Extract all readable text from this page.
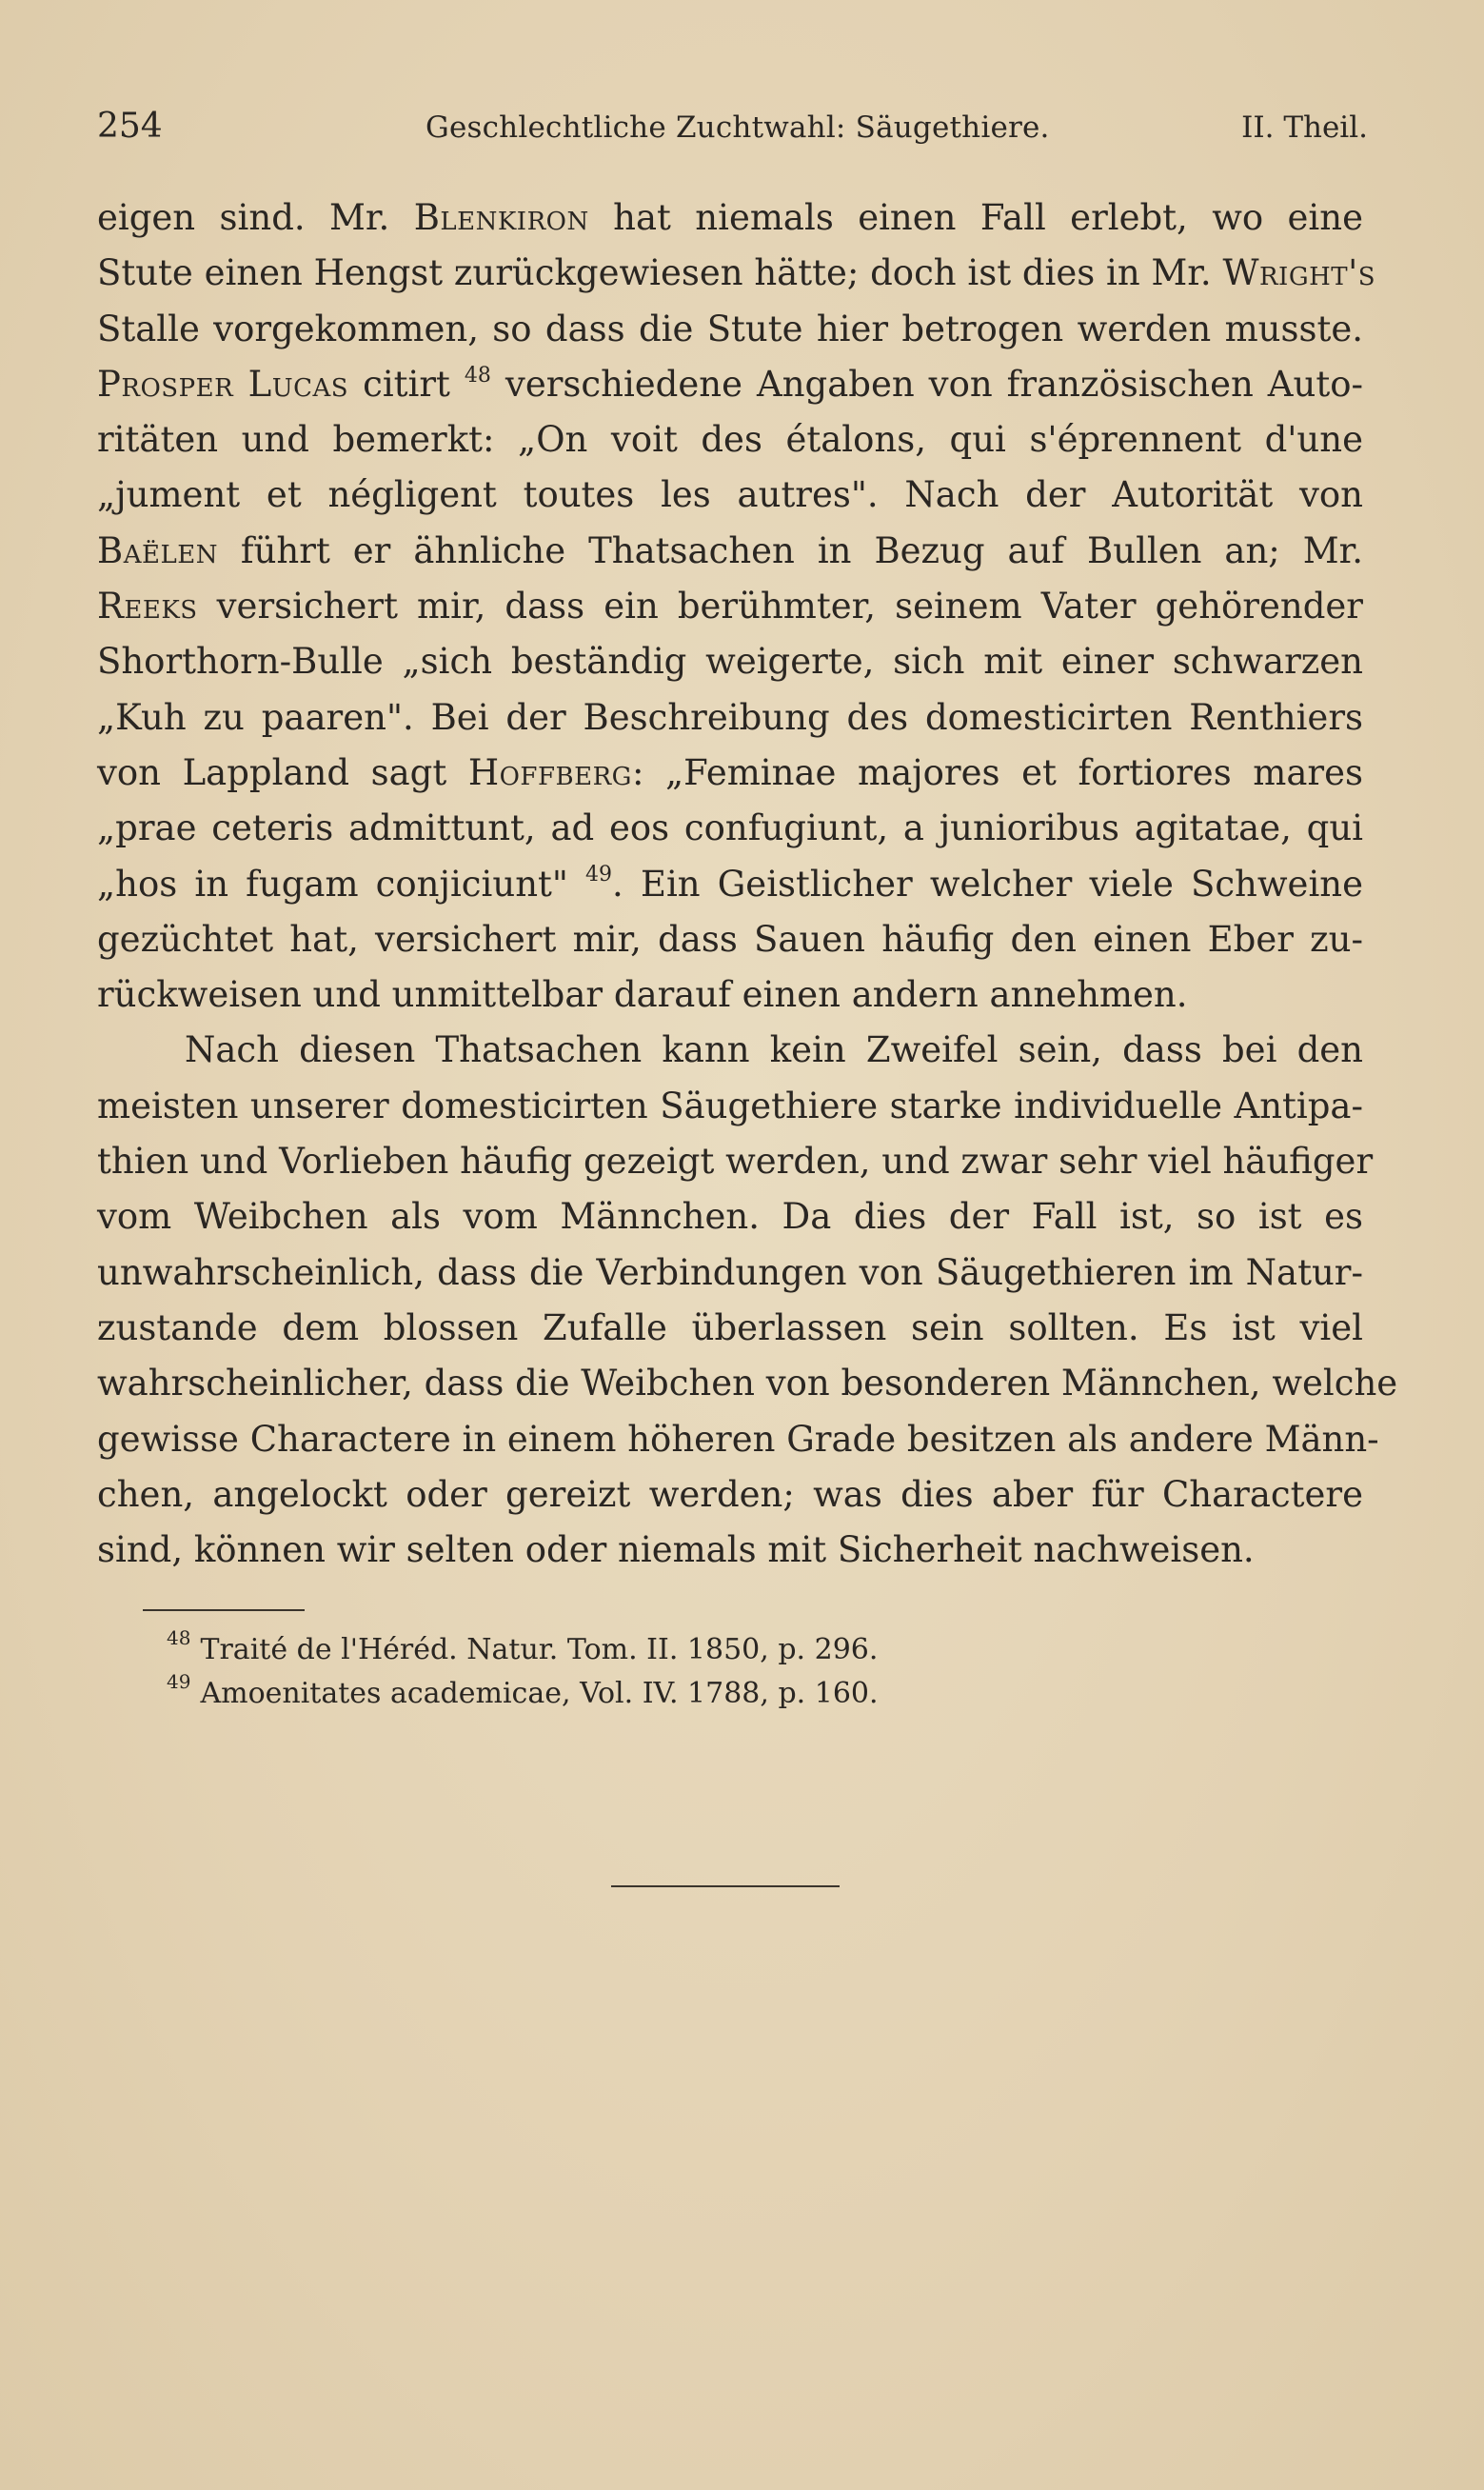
254	Geschlechtliche Zuchtwahl: Säugethiere.	II. Theil.
eigen sind. Mr. Blenkiron hat niemals einen Fall erlebt, wo eine
Stute einen Hengst zurückgewiesen hätte; doch ist dies in Mr. Wright's
Stalle vorgekommen, so dass die Stute hier betrogen werden musste.
Prosper Lucas citirt $^{48}$ verschiedene Angaben von französischen Auto-
ritäten und bemerkt: „On voit des étalons, qui s'éprennent d'une
„jument et négligent toutes les autres". Nach der Autorität von
Baëlen führt er ähnliche Thatsachen in Bezug auf Bullen an; Mr.
Reeks versichert mir, dass ein berühmter, seinem Vater gehörender
Shorthorn-Bulle „sich beständig weigerte, sich mit einer schwarzen
„Kuh zu paaren". Bei der Beschreibung des domesticirten Renthiers
von Lappland sagt Hoffberg: „Feminae majores et fortiores mares
„prae ceteris admittunt, ad eos confugiunt, a junioribus agitatae, qui
„hos in fugam conjiciunt" $^{49}$. Ein Geistlicher welcher viele Schweine
gezüchtet hat, versichert mir, dass Sauen häufig den einen Eber zu-
rückweisen und unmittelbar darauf einen andern annehmen.
Nach diesen Thatsachen kann kein Zweifel sein, dass bei den
meisten unserer domesticirten Säugethiere starke individuelle Antipa-
thien und Vorlieben häufig gezeigt werden, und zwar sehr viel häufiger
vom Weibchen als vom Männchen. Da dies der Fall ist, so ist es
unwahrscheinlich, dass die Verbindungen von Säugethieren im Natur-
zustande dem blossen Zufalle überlassen sein sollten. Es ist viel
wahrscheinlicher, dass die Weibchen von besonderen Männchen, welche
gewisse Charactere in einem höheren Grade besitzen als andere Männ-
chen, angelockt oder gereizt werden; was dies aber für Charactere
sind, können wir selten oder niemals mit Sicherheit nachweisen.
$^{48}$ Traité de l'Héréd. Natur. Tom. II. 1850, p. 296.
$^{49}$ Amoenitates academicae, Vol. IV. 1788, p. 160.
